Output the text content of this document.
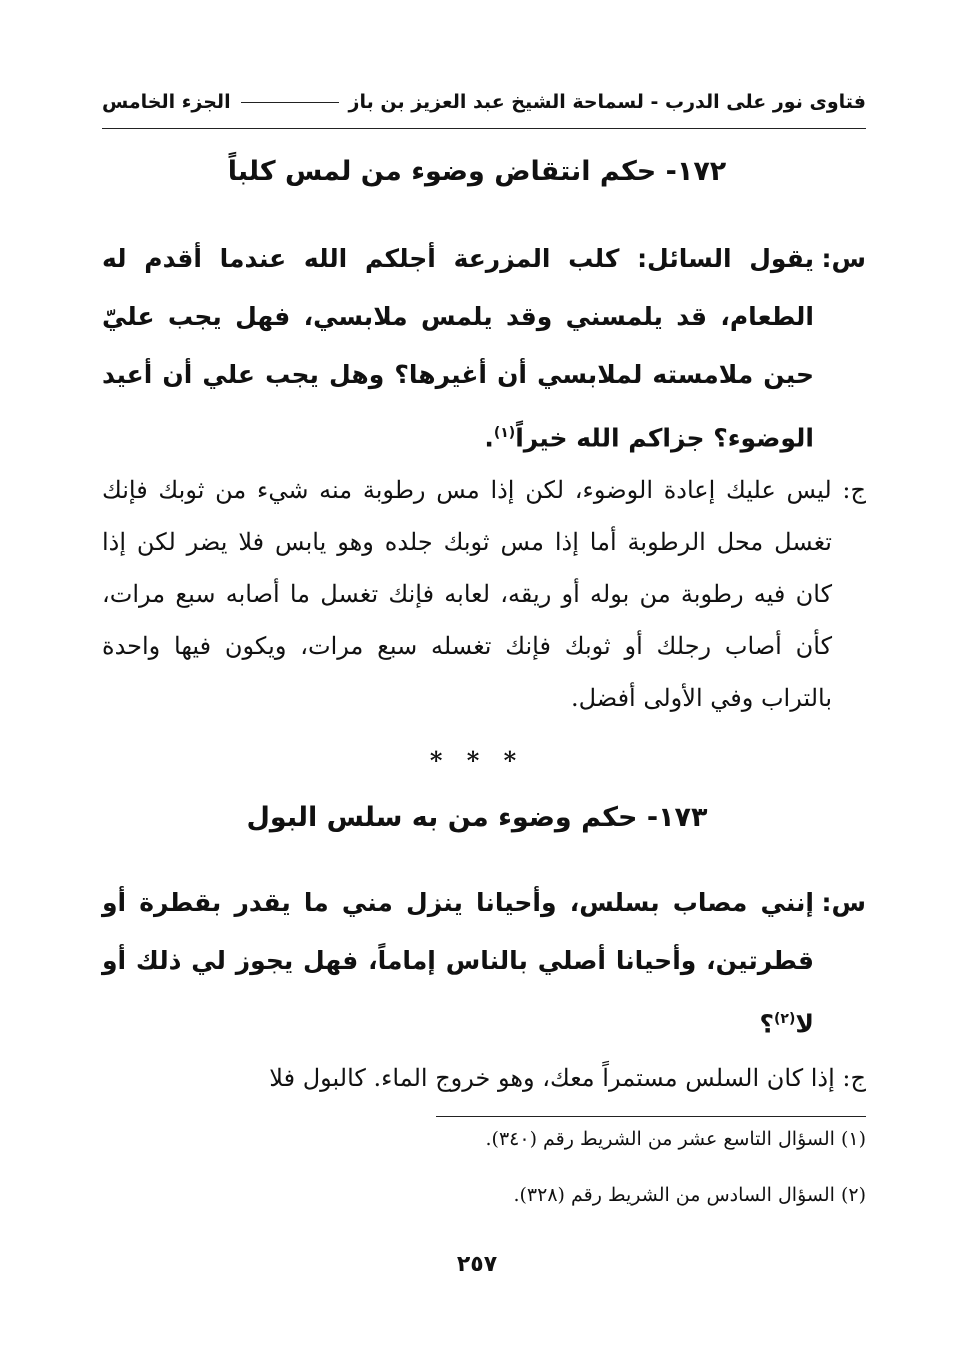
فتاوى نور على الدرب - لسماحة الشيخ عبد العزيز بن باز
الجزء الخامس
١٧٢- حكم انتقاض وضوء من لمس كلباً
س:
يقول السائل: كلب المزرعة أجلكم الله عندما أقدم له الطعام، قد يلمسني وقد يلمس ملابسي، فهل يجب عليّ حين ملامسته لملابسي أن أغيرها؟ وهل يجب علي أن أعيد الوضوء؟ جزاكم الله خيراً$^{(١)}$.

ج: ليس عليك إعادة الوضوء، لكن إذا مس رطوبة منه شيء من ثوبك فإنك تغسل محل الرطوبة أما إذا مس ثوبك جلده وهو يابس فلا يضر لكن إذا كان فيه رطوبة من بوله أو ريقه، لعابه فإنك تغسل ما أصابه سبع مرات، كأن أصاب رجلك أو ثوبك فإنك تغسله سبع مرات، ويكون فيها واحدة بالتراب وفي الأولى أفضل.

* * *
١٧٣- حكم وضوء من به سلس البول
س:
إنني مصاب بسلس، وأحيانا ينزل مني ما يقدر بقطرة أو قطرتين، وأحيانا أصلي بالناس إماماً، فهل يجوز لي ذلك أو لا$^{(٢)}$؟

ج: إذا كان السلس مستمراً معك، وهو خروج الماء. كالبول فلا

(١) السؤال التاسع عشر من الشريط رقم (٣٤٠).
(٢) السؤال السادس من الشريط رقم (٣٢٨).
٢٥٧
